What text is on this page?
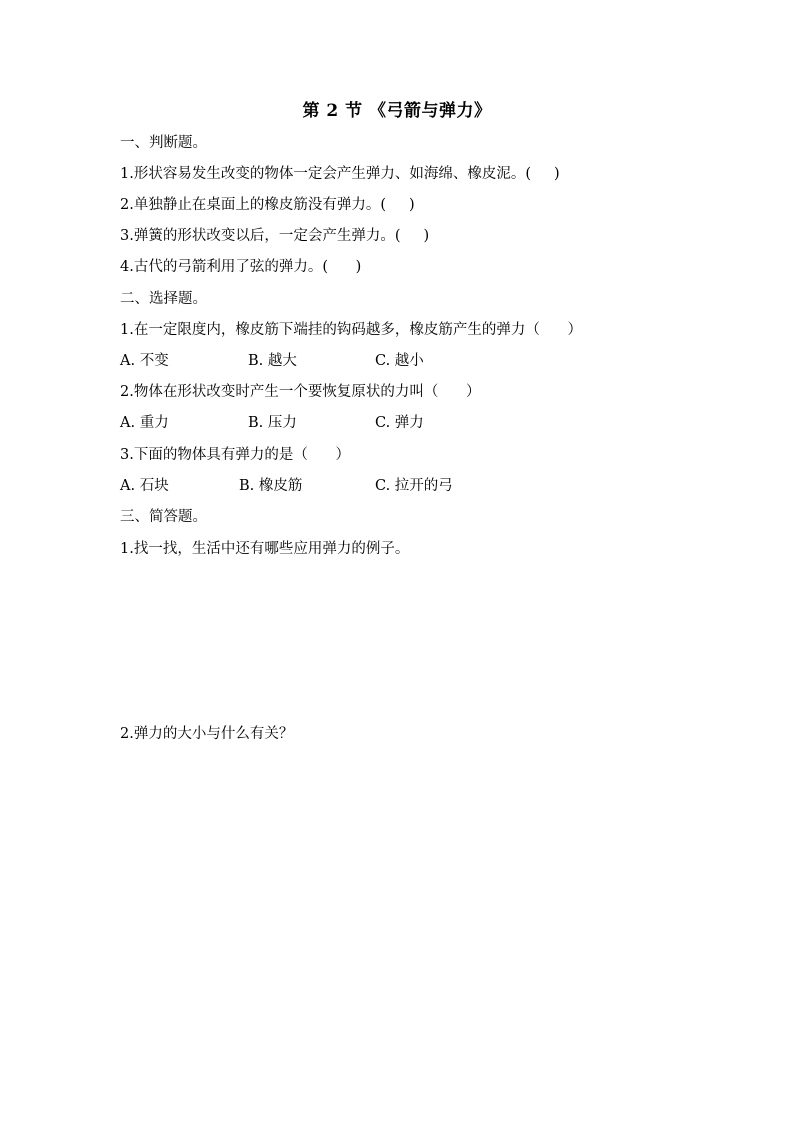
第 2 节 《弓箭与弹力》
一、判断题。
1.形状容易发生改变的物体一定会产生弹力、如海绵、橡皮泥。(     )
2.单独静止在桌面上的橡皮筋没有弹力。(     )
3.弹簧的形状改变以后，一定会产生弹力。(     )
4.古代的弓箭利用了弦的弹力。(      )
二、选择题。
1.在一定限度内，橡皮筋下端挂的钩码越多，橡皮筋产生的弹力（      ）

A. 不变

	B. 越大

	C. 越小

2.物体在形状改变时产生一个要恢复原状的力叫（      ）

A. 重力

	B. 压力

	C. 弹力

3.下面的物体具有弹力的是（      ）

A. 石块

	B. 橡皮筋

	C. 拉开的弓

三、简答题。
1.找一找，生活中还有哪些应用弹力的例子。
2.弹力的大小与什么有关？
